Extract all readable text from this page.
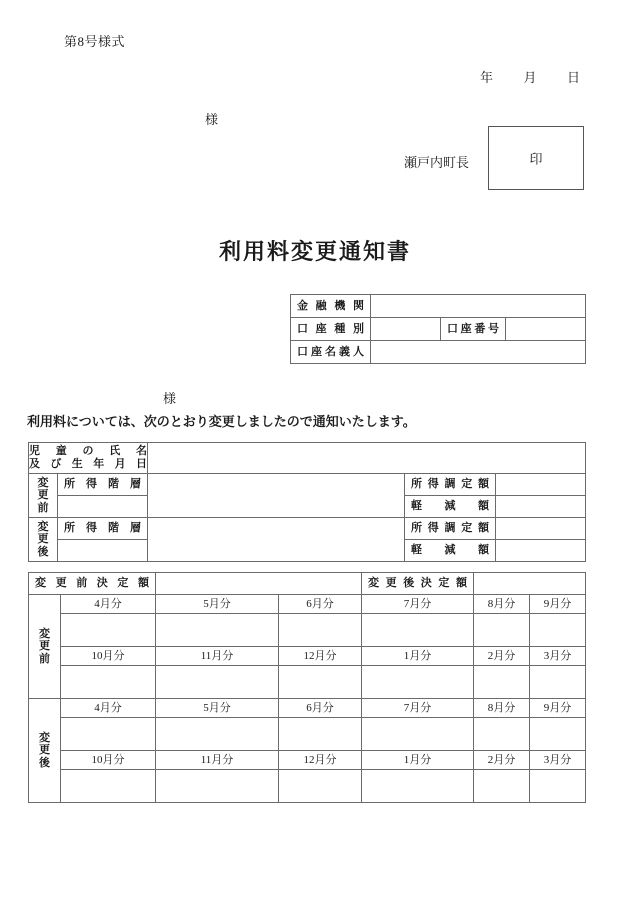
第8号様式
年 月 日
様
瀬戸内町長	印
利用料変更通知書
金融機関			

口座種別		口座番号	

口座名義人			

様
利用料については、次のとおり変更しましたので通知いたします。
児童の氏名
及び生年月日				

変
更
前	所得階層		所得調定額	

			軽減額	

変
更
後	所得階層		所得調定額	

			軽減額	

変更前決定額				変更後決定額		

変
更
前	4月分	5月分	6月分	7月分	8月分	9月分

	10月分	11月分	12月分	1月分	2月分	3月分

変
更
後	4月分	5月分	6月分	7月分	8月分	9月分

	10月分	11月分	12月分	1月分	2月分	3月分
